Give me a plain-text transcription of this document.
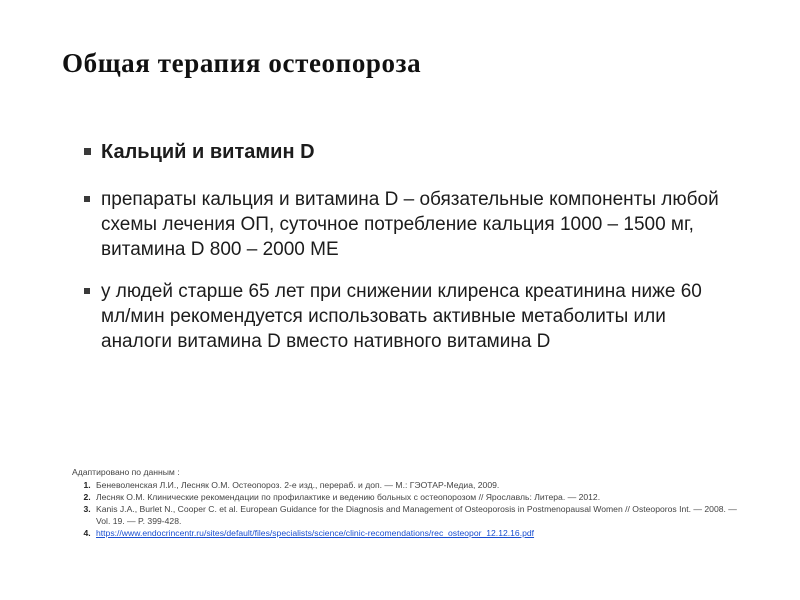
Общая терапия остеопороза
Кальций и витамин D
препараты кальция и витамина D – обязательные компоненты любой схемы лечения ОП, суточное потребление кальция 1000 – 1500 мг, витамина D 800 – 2000 МЕ
у людей старше 65 лет при снижении клиренса креатинина ниже 60 мл/мин рекомендуется использовать активные метаболиты или аналоги витамина D вместо нативного витамина D
Адаптировано по данным :
1. Беневоленская Л.И., Лесняк О.М. Остеопороз. 2-е изд., перераб. и доп. — М.: ГЭОТАР-Медиа, 2009.
2. Лесняк О.М. Клинические рекомендации по профилактике и ведению больных с остеопорозом // Ярославль: Литера. — 2012.
3. Kanis J.A., Burlet N., Cooper C. et al. European Guidance for the Diagnosis and Management of Osteoporosis in Postmenopausal Women // Osteoporos Int. — 2008. — Vol. 19. — P. 399-428.
4. https://www.endocrincentr.ru/sites/default/files/specialists/science/clinic-recomendations/rec_osteopor_12.12.16.pdf
